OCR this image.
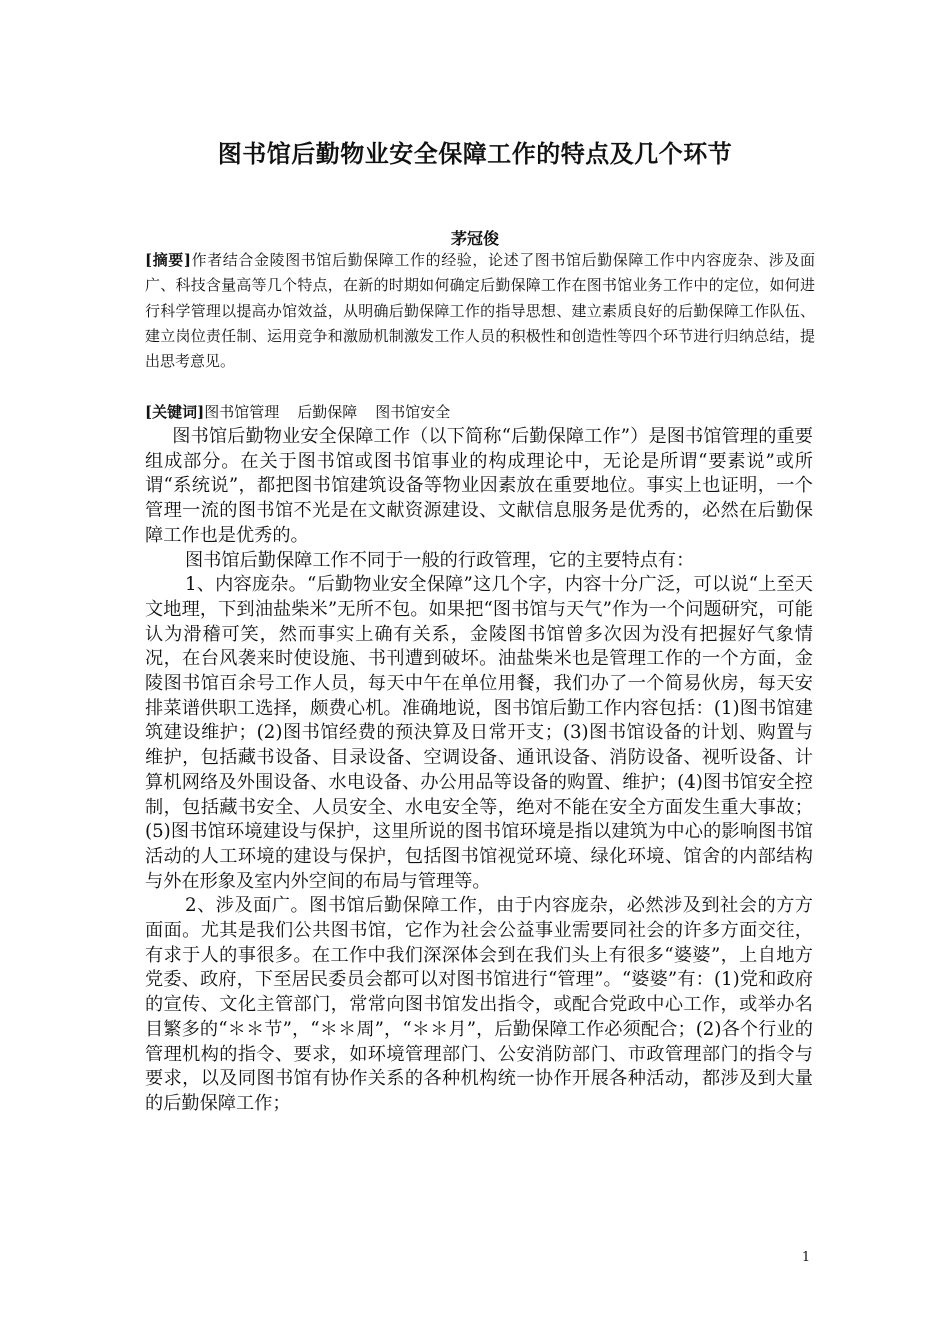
图书馆后勤物业安全保障工作的特点及几个环节
茅冠俊
[摘要]作者结合金陵图书馆后勤保障工作的经验，论述了图书馆后勤保障工作中内容庞杂、涉及面广、科技含量高等几个特点，在新的时期如何确定后勤保障工作在图书馆业务工作中的定位，如何进行科学管理以提高办馆效益，从明确后勤保障工作的指导思想、建立素质良好的后勤保障工作队伍、建立岗位责任制、运用竞争和激励机制激发工作人员的积极性和创造性等四个环节进行归纳总结，提出思考意见。
[关键词]图书馆管理 后勤保障 图书馆安全

图书馆后勤物业安全保障工作（以下简称“后勤保障工作”）是图书馆管理的重要组成部分。在关于图书馆或图书馆事业的构成理论中，无论是所谓“要素说”或所谓“系统说”，都把图书馆建筑设备等物业因素放在重要地位。事实上也证明，一个管理一流的图书馆不光是在文献资源建设、文献信息服务是优秀的，必然在后勤保障工作也是优秀的。

图书馆后勤保障工作不同于一般的行政管理，它的主要特点有：

1、内容庞杂。“后勤物业安全保障”这几个字，内容十分广泛，可以说“上至天文地理，下到油盐柴米”无所不包。如果把“图书馆与天气”作为一个问题研究，可能认为滑稽可笑，然而事实上确有关系，金陵图书馆曾多次因为没有把握好气象情况，在台风袭来时使设施、书刊遭到破坏。油盐柴米也是管理工作的一个方面，金陵图书馆百余号工作人员，每天中午在单位用餐，我们办了一个简易伙房，每天安排菜谱供职工选择，颇费心机。准确地说，图书馆后勤工作内容包括：(1)图书馆建筑建设维护；(2)图书馆经费的预決算及日常开支；(3)图书馆设备的计划、购置与维护，包括藏书设备、目录设备、空调设备、通讯设备、消防设备、视听设备、计算机网络及外围设备、水电设备、办公用品等设备的购置、维护；(4)图书馆安全控制，包括藏书安全、人员安全、水电安全等，绝对不能在安全方面发生重大事故；(5)图书馆环境建设与保护，这里所说的图书馆环境是指以建筑为中心的影响图书馆活动的人工环境的建设与保护，包括图书馆视觉环境、绿化环境、馆舍的内部结构与外在形象及室内外空间的布局与管理等。

2、涉及面广。图书馆后勤保障工作，由于内容庞杂，必然涉及到社会的方方面面。尤其是我们公共图书馆，它作为社会公益事业需要同社会的许多方面交往，有求于人的事很多。在工作中我们深深体会到在我们头上有很多“婆婆”，上自地方党委、政府，下至居民委员会都可以对图书馆进行“管理”。“婆婆”有：(1)党和政府的宣传、文化主管部门，常常向图书馆发出指令，或配合党政中心工作，或举办名目繁多的“＊＊节”，“＊＊周”，“＊＊月”，后勤保障工作必须配合；(2)各个行业的管理机构的指令、要求，如环境管理部门、公安消防部门、市政管理部门的指令与要求，以及同图书馆有协作关系的各种机构统一协作开展各种活动，都涉及到大量的后勤保障工作；

1
